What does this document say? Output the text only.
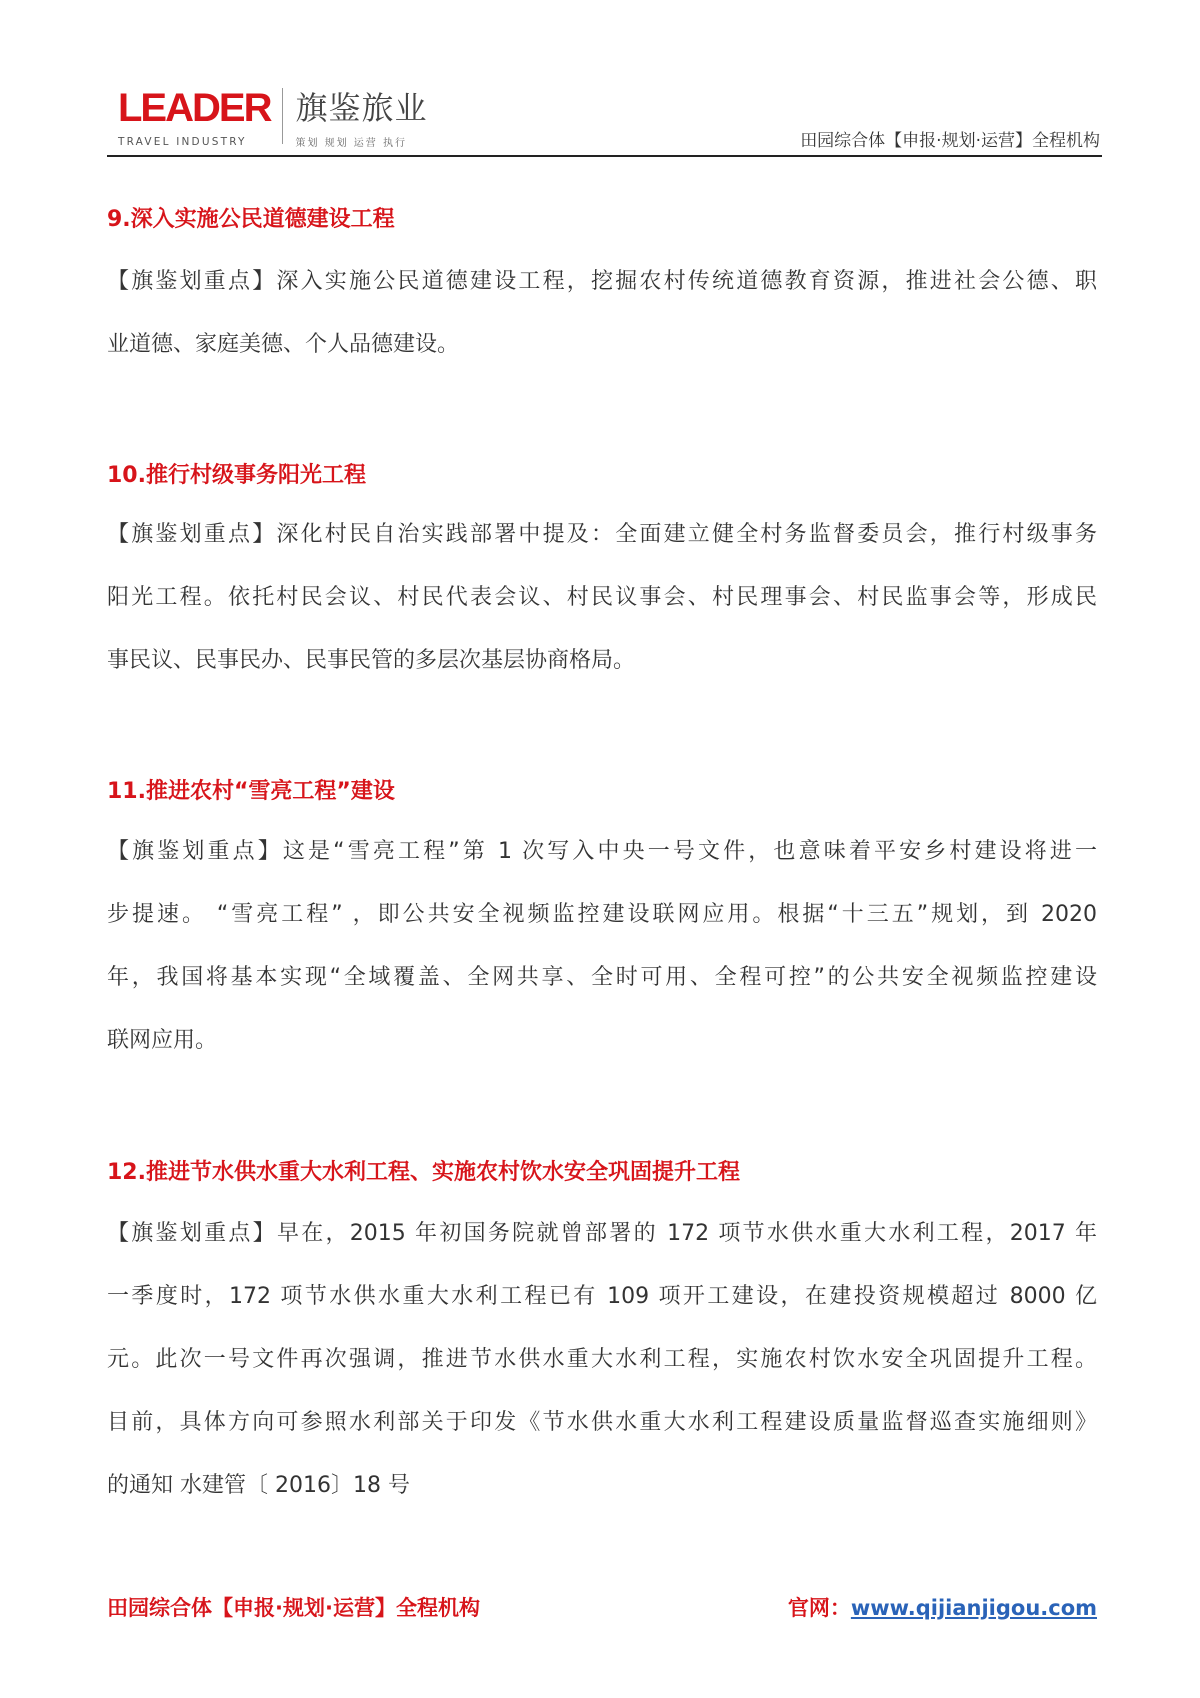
LEADER
TRAVEL INDUSTRY
旗鉴旅业
策划 规划 运营 执行	田园综合体【申报·规划·运营】全程机构
9.深入实施公民道德建设工程
【旗鉴划重点】深入实施公民道德建设工程，挖掘农村传统道德教育资源，推进社会公德、职
业道德、家庭美德、个人品德建设。
10.推行村级事务阳光工程
【旗鉴划重点】深化村民自治实践部署中提及：全面建立健全村务监督委员会，推行村级事务
阳光工程。依托村民会议、村民代表会议、村民议事会、村民理事会、村民监事会等，形成民
事民议、民事民办、民事民管的多层次基层协商格局。
11.推进农村“雪亮工程”建设
【旗鉴划重点】这是“雪亮工程”第 1 次写入中央一号文件，也意味着平安乡村建设将进一
步提速。 “雪亮工程” ，即公共安全视频监控建设联网应用。根据“十三五”规划，到 2020
年，我国将基本实现“全域覆盖、全网共享、全时可用、全程可控”的公共安全视频监控建设
联网应用。
12.推进节水供水重大水利工程、实施农村饮水安全巩固提升工程
【旗鉴划重点】早在，2015 年初国务院就曾部署的 172 项节水供水重大水利工程，2017 年
一季度时，172 项节水供水重大水利工程已有 109 项开工建设，在建投资规模超过 8000 亿
元。此次一号文件再次强调，推进节水供水重大水利工程，实施农村饮水安全巩固提升工程。
目前，具体方向可参照水利部关于印发《节水供水重大水利工程建设质量监督巡查实施细则》
的通知 水建管〔 2016〕18 号
田园综合体【申报·规划·运营】全程机构	官网：www.qijianjigou.com
